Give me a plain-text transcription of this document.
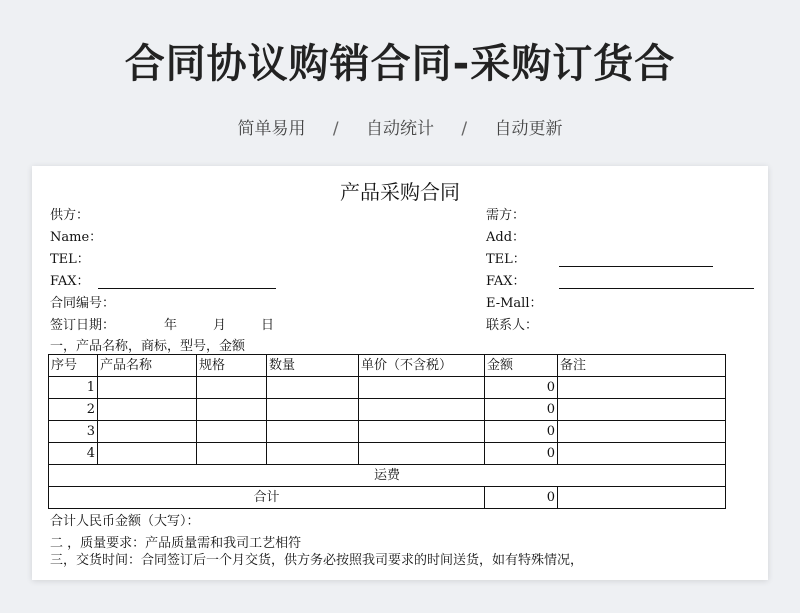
合同协议购销合同-采购订货合
简单易用 / 自动统计 / 自动更新
产品采购合同
供方：
Name：
TEL：
FAX：
合同编号：
签订日期：	年	月	日
一，产品名称，商标，型号，金额
需方：
Add：
TEL：
FAX：
E-Mall：
联系人：
序号	产品名称	规格	数量	单价（不含税）	金额	备注
1					0	
2					0	
3					0	
4					0	
运费						
合计					0	
合计人民币金额（大写）：
二 ，质量要求：产品质量需和我司工艺相符
三，交货时间：合同签订后一个月交货，供方务必按照我司要求的时间送货，如有特殊情况，
